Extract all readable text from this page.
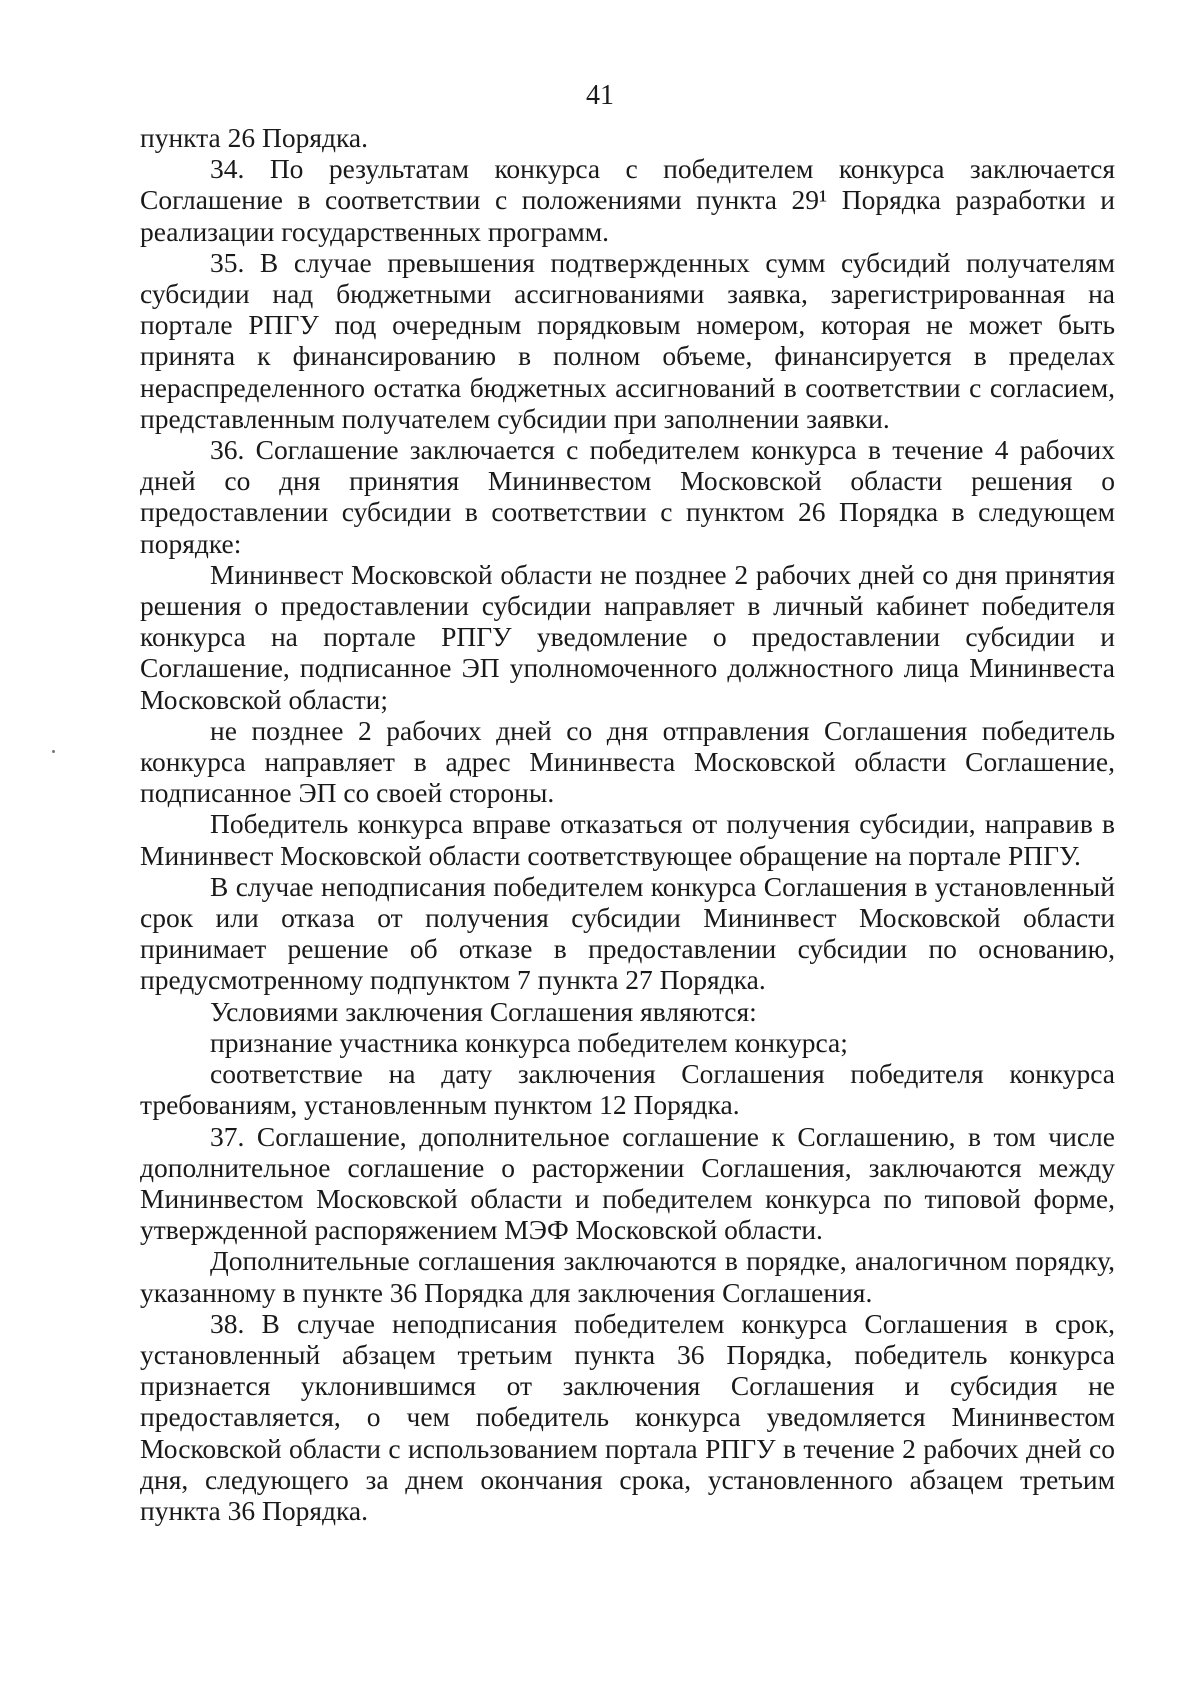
41

пункта 26 Порядка.

34. По результатам конкурса с победителем конкурса заключается Соглашение в соответствии с положениями пункта 29¹ Порядка разработки и реализации государственных программ.

35. В случае превышения подтвержденных сумм субсидий получателям субсидии над бюджетными ассигнованиями заявка, зарегистрированная на портале РПГУ под очередным порядковым номером, которая не может быть принята к финансированию в полном объеме, финансируется в пределах нераспределенного остатка бюджетных ассигнований в соответствии с согласием, представленным получателем субсидии при заполнении заявки.

36. Соглашение заключается с победителем конкурса в течение 4 рабочих дней со дня принятия Мининвестом Московской области решения о предоставлении субсидии в соответствии с пунктом 26 Порядка в следующем порядке:

Мининвест Московской области не позднее 2 рабочих дней со дня принятия решения о предоставлении субсидии направляет в личный кабинет победителя конкурса на портале РПГУ уведомление о предоставлении субсидии и Соглашение, подписанное ЭП уполномоченного должностного лица Мининвеста Московской области;

не позднее 2 рабочих дней со дня отправления Соглашения победитель конкурса направляет в адрес Мининвеста Московской области Соглашение, подписанное ЭП со своей стороны.

Победитель конкурса вправе отказаться от получения субсидии, направив в Мининвест Московской области соответствующее обращение на портале РПГУ.

В случае неподписания победителем конкурса Соглашения в установленный срок или отказа от получения субсидии Мининвест Московской области принимает решение об отказе в предоставлении субсидии по основанию, предусмотренному подпунктом 7 пункта 27 Порядка.

Условиями заключения Соглашения являются:

признание участника конкурса победителем конкурса;

соответствие на дату заключения Соглашения победителя конкурса требованиям, установленным пунктом 12 Порядка.

37. Соглашение, дополнительное соглашение к Соглашению, в том числе дополнительное соглашение о расторжении Соглашения, заключаются между Мининвестом Московской области и победителем конкурса по типовой форме, утвержденной распоряжением МЭФ Московской области.

Дополнительные соглашения заключаются в порядке, аналогичном порядку, указанному в пункте 36 Порядка для заключения Соглашения.

38. В случае неподписания победителем конкурса Соглашения в срок, установленный абзацем третьим пункта 36 Порядка, победитель конкурса признается уклонившимся от заключения Соглашения и субсидия не предоставляется, о чем победитель конкурса уведомляется Мининвестом Московской области с использованием портала РПГУ в течение 2 рабочих дней со дня, следующего за днем окончания срока, установленного абзацем третьим пункта 36 Порядка.
